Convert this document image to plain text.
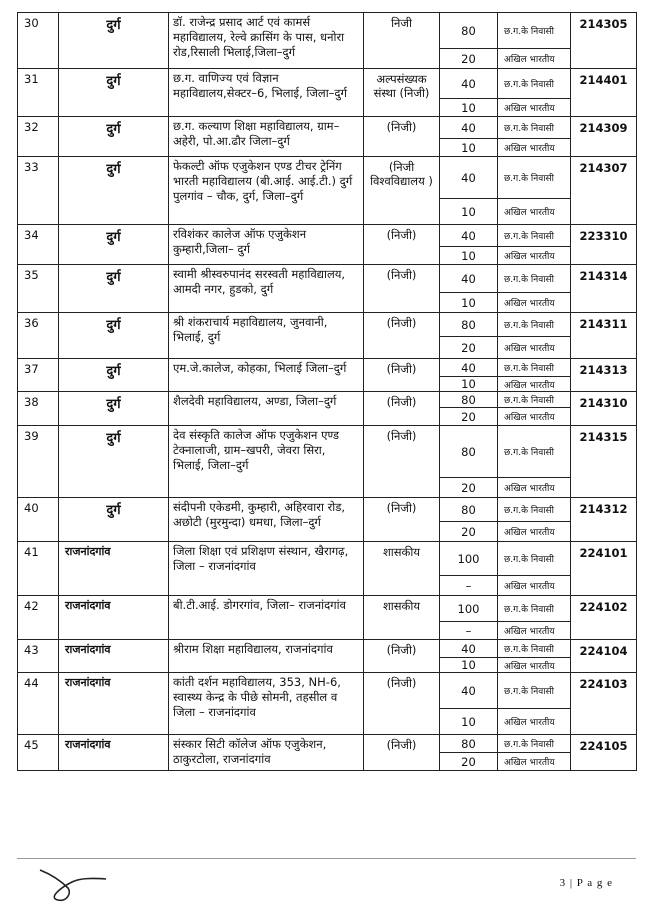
30	दुर्ग	डॉ. राजेन्द्र प्रसाद आर्ट एवं कामर्स महाविद्यालय, रेल्वे क्रासिंग के पास, धनोरा रोड,रिसाली भिलाई,जिला–दुर्ग	निजी	80	छ.ग.के निवासी	214305
				20	अखिल भारतीय	
31	दुर्ग	छ.ग. वाणिज्य एवं विज्ञान महाविद्यालय,सेक्टर–6, भिलाई, जिला–दुर्ग	अल्पसंख्यक संस्था (निजी)	40	छ.ग.के निवासी	214401
				10	अखिल भारतीय	
32	दुर्ग	छ.ग. कल्याण शिक्षा महाविद्यालय, ग्राम–अहेरी, पो.आ.ढौर जिला–दुर्ग	(निजी)	40	छ.ग.के निवासी	214309
				10	अखिल भारतीय	
33	दुर्ग	फेकल्टी ऑफ एजुकेशन एण्ड टीचर ट्रेनिंग भारती महाविद्यालय (बी.आई. आई.टी.) दुर्ग पुलगांव – चौक, दुर्ग, जिला–दुर्ग	(निजी विश्वविद्यालय )	40	छ.ग.के निवासी	214307
				10	अखिल भारतीय	
34	दुर्ग	रविशंकर कालेज ऑफ एजुकेशन कुम्हारी,जिला– दुर्ग	(निजी)	40	छ.ग.के निवासी	223310
				10	अखिल भारतीय	
35	दुर्ग	स्वामी श्रीस्वरुपानंद सरस्वती महाविद्यालय, आमदी नगर, हुडको, दुर्ग	(निजी)	40	छ.ग.के निवासी	214314
				10	अखिल भारतीय	
36	दुर्ग	श्री शंकराचार्य महाविद्यालय, जुनवानी, भिलाई, दुर्ग	(निजी)	80	छ.ग.के निवासी	214311
				20	अखिल भारतीय	
37	दुर्ग	एम.जे.कालेज, कोहका, भिलाई जिला–दुर्ग	(निजी)	40	छ.ग.के निवासी	214313
				10	अखिल भारतीय	
38	दुर्ग	शैलदेवी महाविद्यालय, अण्डा, जिला–दुर्ग	(निजी)	80	छ.ग.के निवासी	214310
				20	अखिल भारतीय	
39	दुर्ग	देव संस्कृति कालेज ऑफ एजुकेशन एण्ड टेक्नालाजी, ग्राम–खपरी, जेवरा सिरा, भिलाई, जिला–दुर्ग	(निजी)	80	छ.ग.के निवासी	214315
				20	अखिल भारतीय	
40	दुर्ग	संदीपनी एकेडमी, कुम्हारी, अहिरवारा रोड, अछोटी (मुरमुन्दा) धमधा, जिला–दुर्ग	(निजी)	80	छ.ग.के निवासी	214312
				20	अखिल भारतीय	
41	राजनांदगांव	जिला शिक्षा एवं प्रशिक्षण संस्थान, खैरागढ़, जिला – राजनांदगांव	शासकीय	100	छ.ग.के निवासी	224101
				–	अखिल भारतीय	
42	राजनांदगांव	बी.टी.आई. डोगरगांव, जिला– राजनांदगांव	शासकीय	100	छ.ग.के निवासी	224102
				–	अखिल भारतीय	
43	राजनांदगांव	श्रीराम शिक्षा महाविद्यालय, राजनांदगांव	(निजी)	40	छ.ग.के निवासी	224104
				10	अखिल भारतीय	
44	राजनांदगांव	कांती दर्शन महाविद्यालय, 353, NH-6, स्वास्थ्य केन्द्र के पीछे सोमनी, तहसील व जिला – राजनांदगांव	(निजी)	40	छ.ग.के निवासी	224103
				10	अखिल भारतीय	
45	राजनांदगांव	संस्कार सिटी कॉलेज ऑफ एजुकेशन, ठाकुरटोला, राजनांदगांव	(निजी)	80	छ.ग.के निवासी	224105
				20	अखिल भारतीय	
3 | P a g e
